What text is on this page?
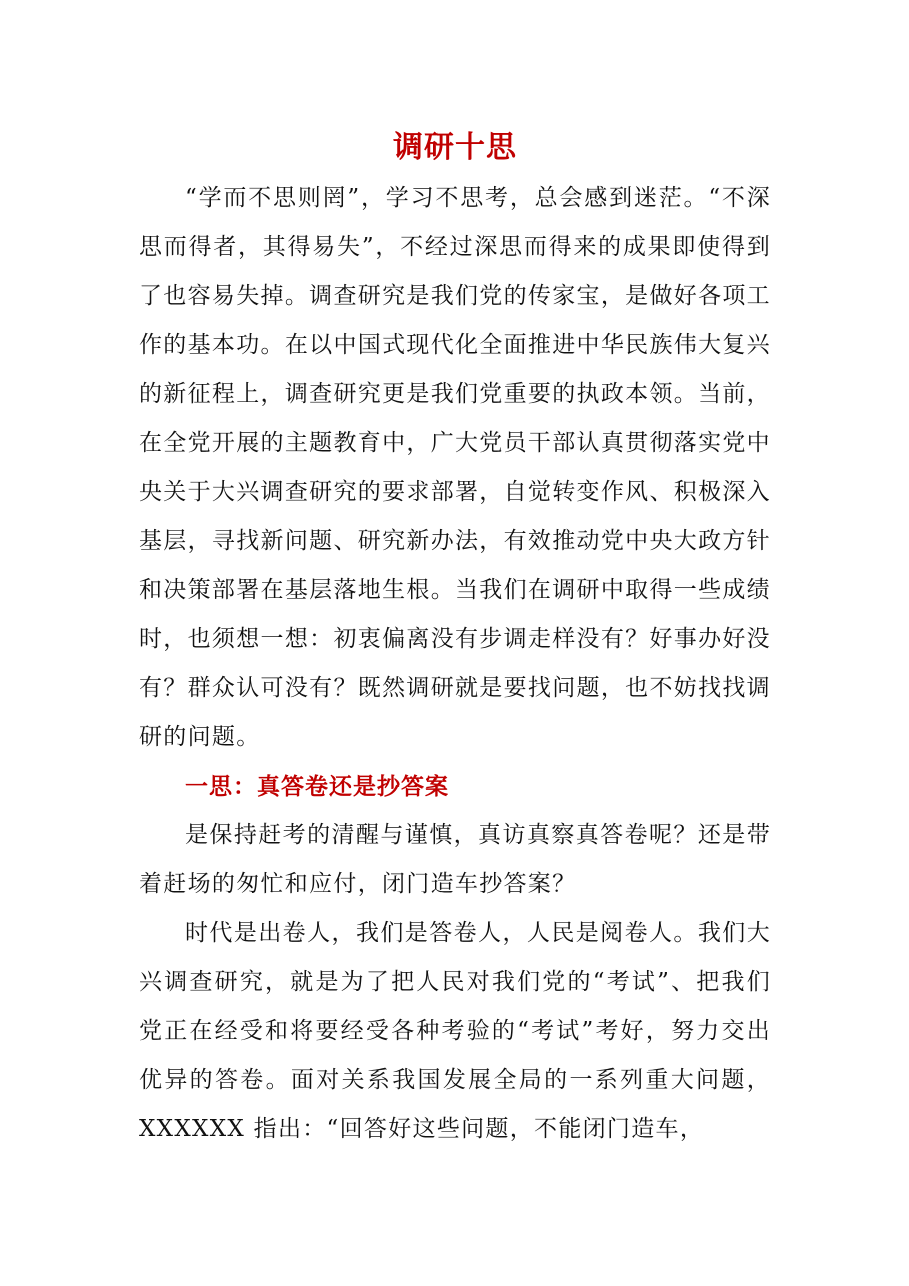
调研十思

“学而不思则罔”，学习不思考，总会感到迷茫。“不深思而得者，其得易失”，不经过深思而得来的成果即使得到了也容易失掉。调查研究是我们党的传家宝，是做好各项工作的基本功。在以中国式现代化全面推进中华民族伟大复兴的新征程上，调查研究更是我们党重要的执政本领。当前，在全党开展的主题教育中，广大党员干部认真贯彻落实党中央关于大兴调查研究的要求部署，自觉转变作风、积极深入基层，寻找新问题、研究新办法，有效推动党中央大政方针和决策部署在基层落地生根。当我们在调研中取得一些成绩时，也须想一想：初衷偏离没有步调走样没有？好事办好没有？群众认可没有？既然调研就是要找问题，也不妨找找调研的问题。

一思：真答卷还是抄答案

是保持赶考的清醒与谨慎，真访真察真答卷呢？还是带着赶场的匆忙和应付，闭门造车抄答案？

时代是出卷人，我们是答卷人，人民是阅卷人。我们大兴调查研究，就是为了把人民对我们党的“考试”、把我们党正在经受和将要经受各种考验的“考试”考好，努力交出优异的答卷。面对关系我国发展全局的一系列重大问题，XXXXXX 指出：“回答好这些问题，不能闭门造车，
